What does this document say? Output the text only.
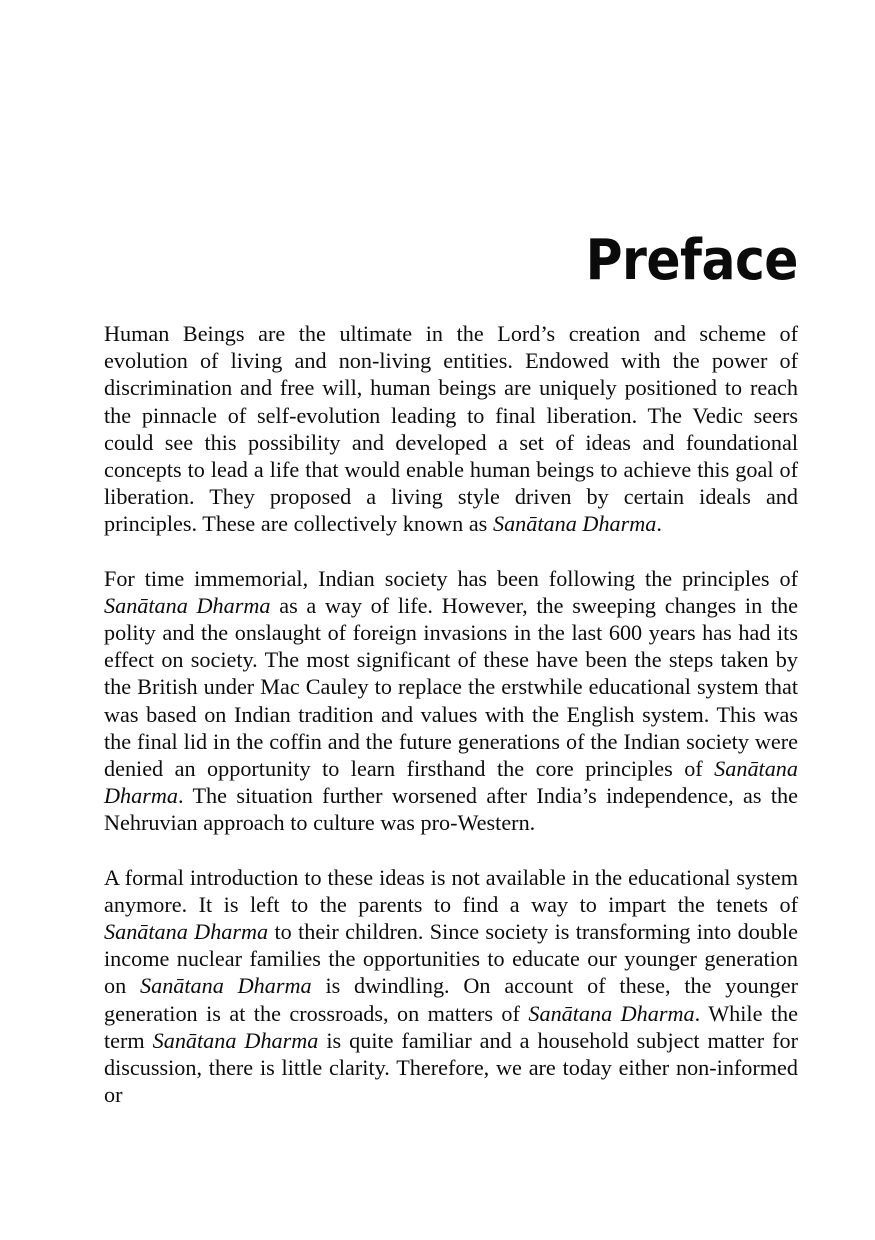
Preface

Human Beings are the ultimate in the Lord’s creation and scheme of evolution of living and non-living entities. Endowed with the power of discrimination and free will, human beings are uniquely positioned to reach the pinnacle of self-evolution leading to final liberation. The Vedic seers could see this possibility and developed a set of ideas and foundational concepts to lead a life that would enable human beings to achieve this goal of liberation. They proposed a living style driven by certain ideals and principles. These are collectively known as Sanātana Dharma.

For time immemorial, Indian society has been following the principles of Sanātana Dharma as a way of life. However, the sweeping changes in the polity and the onslaught of foreign invasions in the last 600 years has had its effect on society. The most significant of these have been the steps taken by the British under Mac Cauley to replace the erstwhile educational system that was based on Indian tradition and values with the English system. This was the final lid in the coffin and the future generations of the Indian society were denied an opportunity to learn firsthand the core principles of Sanātana Dharma. The situation further worsened after India’s independence, as the Nehruvian approach to culture was pro-Western.

A formal introduction to these ideas is not available in the educational system anymore. It is left to the parents to find a way to impart the tenets of Sanātana Dharma to their children. Since society is transforming into double income nuclear families the opportunities to educate our younger generation on Sanātana Dharma is dwindling. On account of these, the younger generation is at the crossroads, on matters of Sanātana Dharma. While the term Sanātana Dharma is quite familiar and a household subject matter for discussion, there is little clarity. Therefore, we are today either non-informed or
